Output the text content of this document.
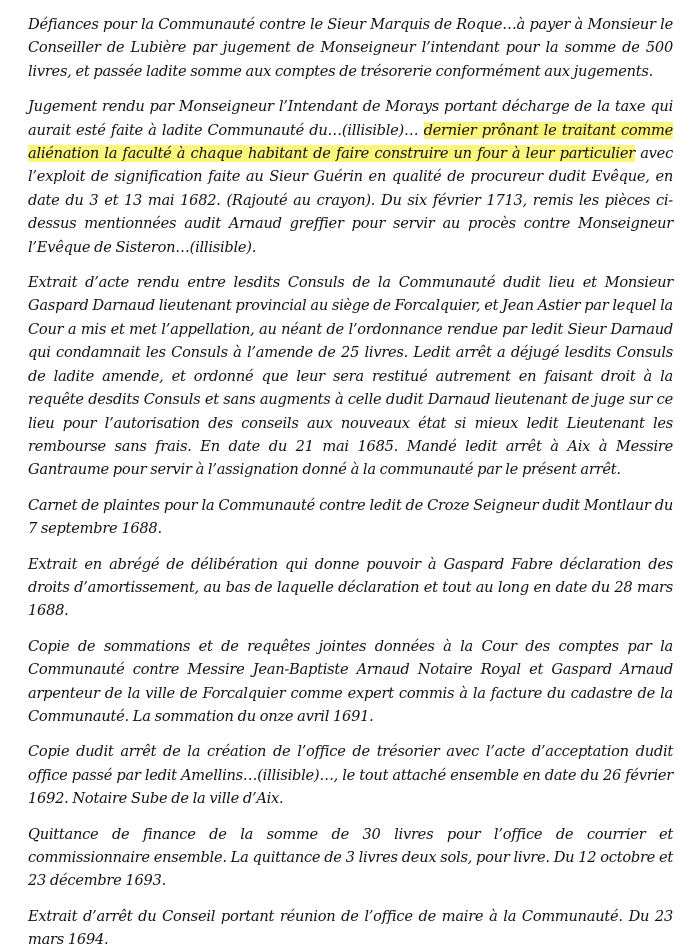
Défiances pour la Communauté contre le Sieur Marquis de Roque…à payer à Monsieur le Conseiller de Lubière par jugement de Monseigneur l’intendant pour la somme de 500 livres, et passée ladite somme aux comptes de trésorerie conformément aux jugements.

Jugement rendu par Monseigneur l’Intendant de Morays portant décharge de la taxe qui aurait esté faite à ladite Communauté du…(illisible)… dernier prônant le traitant comme aliénation la faculté à chaque habitant de faire construire un four à leur particulier avec l’exploit de signification faite au Sieur Guérin en qualité de procureur dudit Evêque, en date du 3 et 13 mai 1682. (Rajouté au crayon). Du six février 1713, remis les pièces ci-dessus mentionnées audit Arnaud greffier pour servir au procès contre Monseigneur l’Evêque de Sisteron…(illisible).

Extrait d’acte rendu entre lesdits Consuls de la Communauté dudit lieu et Monsieur Gaspard Darnaud lieutenant provincial au siège de Forcalquier, et Jean Astier par lequel la Cour a mis et met l’appellation, au néant de l’ordonnance rendue par ledit Sieur Darnaud qui condamnait les Consuls à l’amende de 25 livres. Ledit arrêt a déjugé lesdits Consuls de ladite amende, et ordonné que leur sera restitué autrement en faisant droit à la requête desdits Consuls et sans augments à celle dudit Darnaud lieutenant de juge sur ce lieu pour l’autorisation des conseils aux nouveaux état si mieux ledit Lieutenant les rembourse sans frais. En date du 21 mai 1685. Mandé ledit arrêt à Aix à Messire Gantraume pour servir à l’assignation donné à la communauté par le présent arrêt.

Carnet de plaintes pour la Communauté contre ledit de Croze Seigneur dudit Montlaur du 7 septembre 1688.

Extrait en abrégé de délibération qui donne pouvoir à Gaspard Fabre déclaration des droits d’amortissement, au bas de laquelle déclaration et tout au long en date du 28 mars 1688.

Copie de sommations et de requêtes jointes données à la Cour des comptes par la Communauté contre Messire Jean-Baptiste Arnaud Notaire Royal et Gaspard Arnaud arpenteur de la ville de Forcalquier comme expert commis à la facture du cadastre de la Communauté. La sommation du onze avril 1691.

Copie dudit arrêt de la création de l’office de trésorier avec l’acte d’acceptation dudit office passé par ledit Amellins…(illisible)…, le tout attaché ensemble en date du 26 février 1692. Notaire Sube de la ville d’Aix.

Quittance de finance de la somme de 30 livres pour l’office de courrier et commissionnaire ensemble. La quittance de 3 livres deux sols, pour livre. Du 12 octobre et 23 décembre 1693.

Extrait d’arrêt du Conseil portant réunion de l’office de maire à la Communauté. Du 23 mars 1694.
